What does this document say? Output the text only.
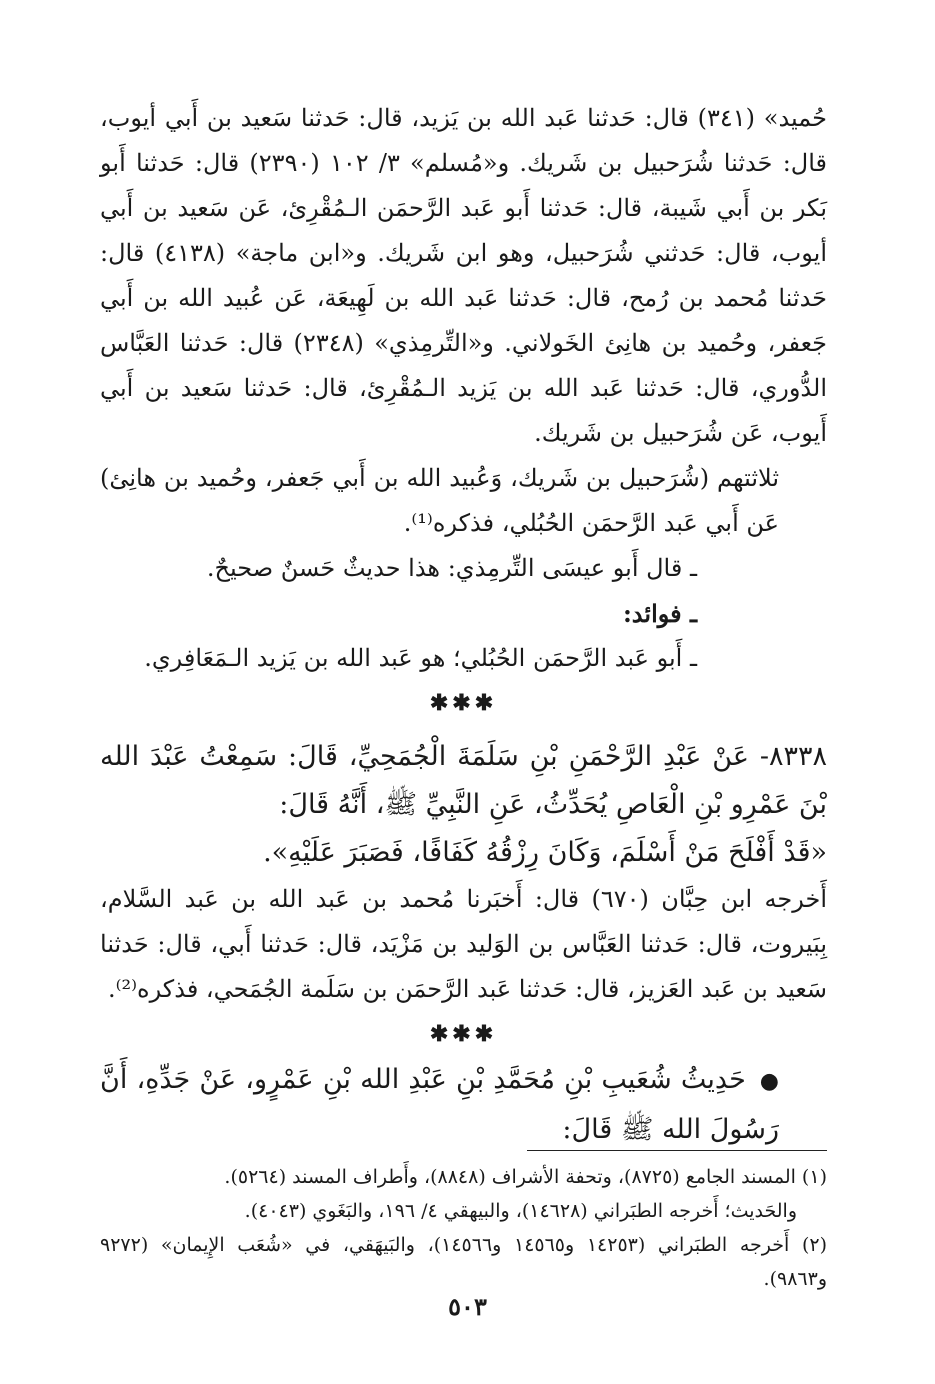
حُميد» (٣٤١) قال: حَدثنا عَبد الله بن يَزيد، قال: حَدثنا سَعيد بن أَبي أيوب، قال: حَدثنا شُرَحبيل بن شَريك. و«مُسلم» ٣/ ١٠٢ (٢٣٩٠) قال: حَدثنا أَبو بَكر بن أَبي شَيبة، قال: حَدثنا أَبو عَبد الرَّحمَن الـمُقْرِئ، عَن سَعيد بن أَبي أيوب، قال: حَدثني شُرَحبيل، وهو ابن شَريك. و«ابن ماجة» (٤١٣٨) قال: حَدثنا مُحمد بن رُمح، قال: حَدثنا عَبد الله بن لَهِيعَة، عَن عُبيد الله بن أَبي جَعفر، وحُميد بن هانِئ الخَولاني. و«التِّرمِذي» (٢٣٤٨) قال: حَدثنا العَبَّاس الدُّوري، قال: حَدثنا عَبد الله بن يَزيد الـمُقْرِئ، قال: حَدثنا سَعيد بن أَبي أَيوب، عَن شُرَحبيل بن شَريك.

ثلاثتهم (شُرَحبيل بن شَريك، وَعُبيد الله بن أَبي جَعفر، وحُميد بن هانِئ) عَن أَبي عَبد الرَّحمَن الحُبُلي، فذكره⁽¹⁾.

ـ قال أَبو عيسَى التِّرمِذي: هذا حديثٌ حَسنٌ صحيحٌ.

ـ فوائد:

ـ أَبو عَبد الرَّحمَن الحُبُلي؛ هو عَبد الله بن يَزيد الـمَعَافِري.

✱✱✱

٨٣٣٨- عَنْ عَبْدِ الرَّحْمَنِ بْنِ سَلَمَةَ الْجُمَحِيِّ، قَالَ: سَمِعْتُ عَبْدَ الله بْنَ عَمْرِو بْنِ الْعَاصِ يُحَدِّثُ، عَنِ النَّبِيِّ ﷺ، أَنَّهُ قَالَ:

«قَدْ أَفْلَحَ مَنْ أَسْلَمَ، وَكَانَ رِزْقُهُ كَفَافًا، فَصَبَرَ عَلَيْهِ».

أَخرجه ابن حِبَّان (٦٧٠) قال: أَخبَرنا مُحمد بن عَبد الله بن عَبد السَّلام، بِبَيروت، قال: حَدثنا العَبَّاس بن الوَليد بن مَزْيَد، قال: حَدثنا أَبي، قال: حَدثنا سَعيد بن عَبد العَزيز، قال: حَدثنا عَبد الرَّحمَن بن سَلَمة الجُمَحي، فذكره⁽²⁾.

✱✱✱

●حَدِيثُ شُعَيبِ بْنِ مُحَمَّدِ بْنِ عَبْدِ الله بْنِ عَمْرٍو، عَنْ جَدِّهِ، أَنَّ رَسُولَ الله ﷺ قَالَ:

(١) المسند الجامع (٨٧٢٥)، وتحفة الأشراف (٨٨٤٨)، وأَطراف المسند (٥٢٦٤).

والحَديث؛ أَخرجه الطبَراني (١٤٦٢٨)، والبيهقي ٤/ ١٩٦، والبَغَوي (٤٠٤٣).

(٢) أَخرجه الطبَراني (١٤٢٥٣ و١٤٥٦٥ و١٤٥٦٦)، والبَيهَقي، في «شُعَب الإِيمان» (٩٢٧٢ و٩٨٦٣).

٥٠٣
